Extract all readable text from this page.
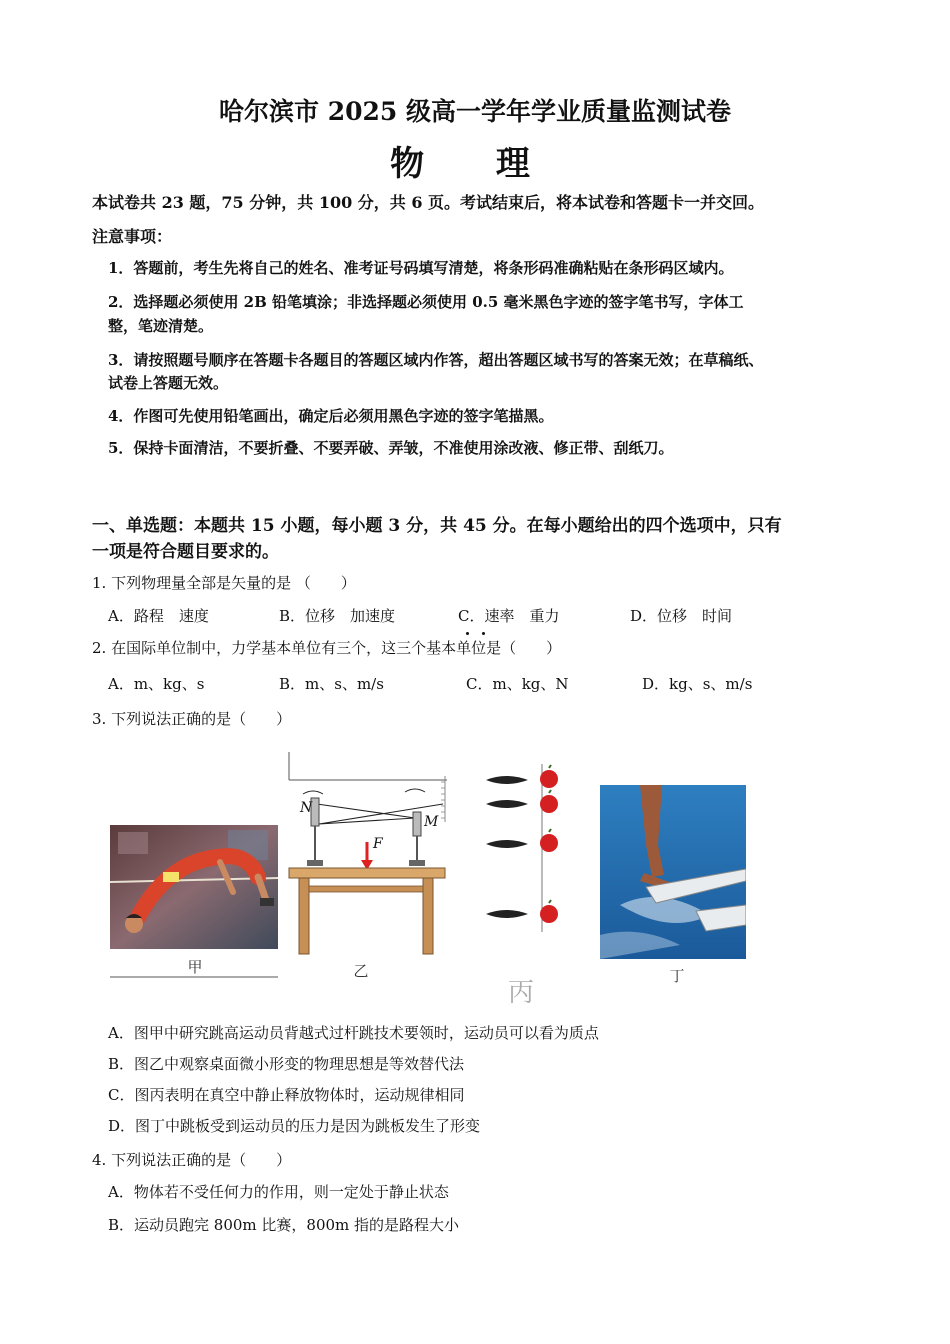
哈尔滨市 2025 级高一学年学业质量监测试卷
物 理
本试卷共 23 题，75 分钟，共 100 分，共 6 页。考试结束后，将本试卷和答题卡一并交回。
注意事项：
1．答题前，考生先将自己的姓名、准考证号码填写清楚，将条形码准确粘贴在条形码区域内。
2．选择题必须使用 2B 铅笔填涂；非选择题必须使用 0.5 毫米黑色字迹的签字笔书写，字体工
整，笔迹清楚。
3．请按照题号顺序在答题卡各题目的答题区域内作答，超出答题区域书写的答案无效；在草稿纸、
试卷上答题无效。
4．作图可先使用铅笔画出，确定后必须用黑色字迹的签字笔描黑。
5．保持卡面清洁，不要折叠、不要弄破、弄皱，不准使用涂改液、修正带、刮纸刀。
一、单选题：本题共 15 小题，每小题 3 分，共 45 分。在每小题给出的四个选项中，只有
一项是符合题目要求的。
1. 下列物理量全部是矢量的是 （　　）
A．路程　速度	B．位移　加速度	C．速率　重力	D．位移　时间
2. 在国际单位制中，力学基本单位有三个，这三个基本单位是（　　）
A．m、kg、s	B．m、s、m/s	C．m、kg、N	D．kg、s、m/s
3. 下列说法正确的是（　　）
甲
N
M
F
乙
丙
丁
A．图甲中研究跳高运动员背越式过杆跳技术要领时，运动员可以看为质点
B．图乙中观察桌面微小形变的物理思想是等效替代法
C．图丙表明在真空中静止释放物体时，运动规律相同
D．图丁中跳板受到运动员的压力是因为跳板发生了形变
4. 下列说法正确的是（　　）
A．物体若不受任何力的作用，则一定处于静止状态
B．运动员跑完 800m 比赛，800m 指的是路程大小
